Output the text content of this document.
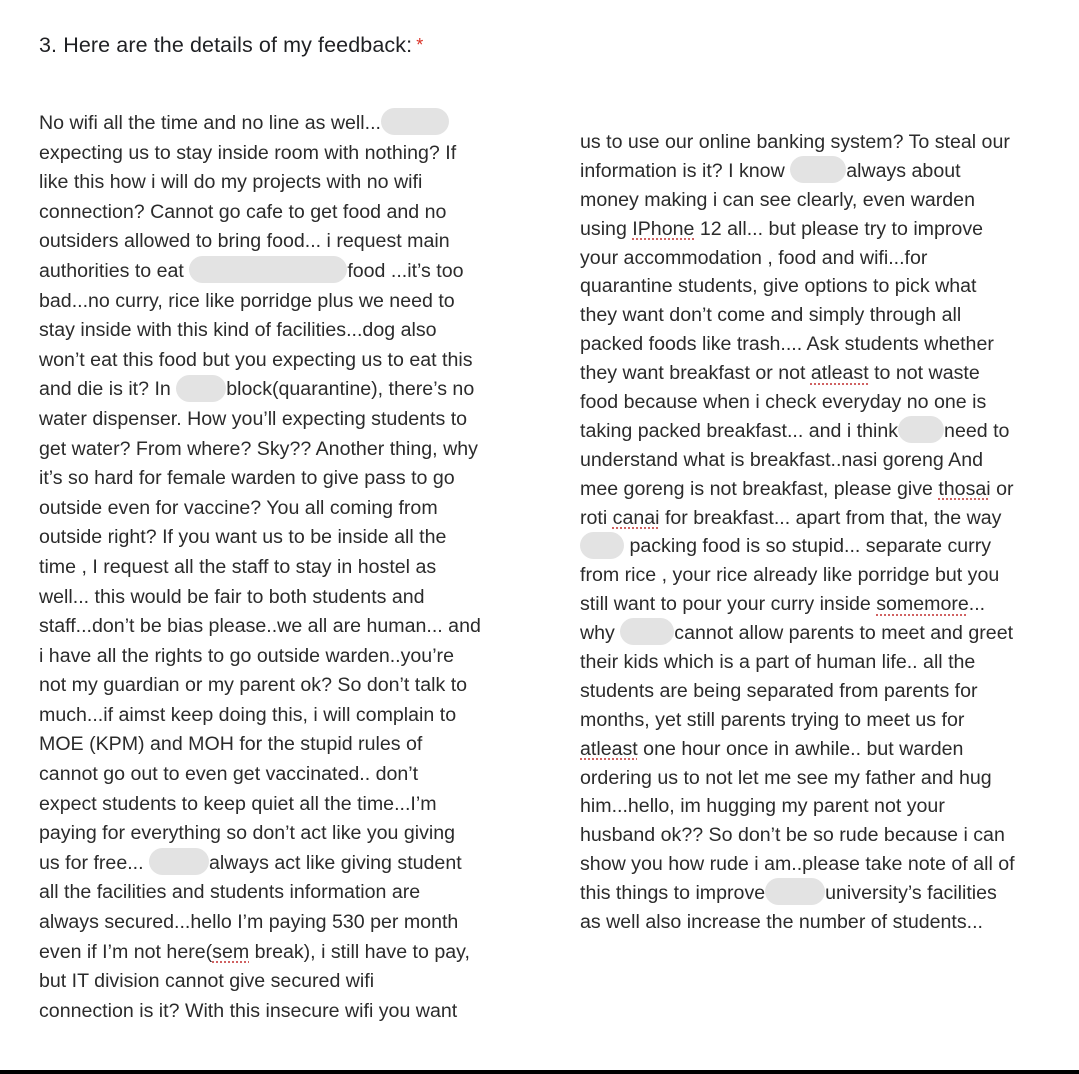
3. Here are the details of my feedback: *
No wifi all the time and no line as well...
expecting us to stay inside room with nothing? If
like this how i will do my projects with no wifi
connection? Cannot go cafe to get food and no
outsiders allowed to bring food... i request main
authorities to eat	food ...it’s too
bad...no curry, rice like porridge plus we need to
stay inside with this kind of facilities...dog also
won’t eat this food but you expecting us to eat this
and die is it? In	block(quarantine), there’s no
water dispenser. How you’ll expecting students to
get water? From where? Sky?? Another thing, why
it’s so hard for female warden to give pass to go
outside even for vaccine? You all coming from
outside right? If you want us to be inside all the
time , I request all the staff to stay in hostel as
well... this would be fair to both students and
staff...don’t be bias please..we all are human... and
i have all the rights to go outside warden..you’re
not my guardian or my parent ok? So don’t talk to
much...if aimst keep doing this, i will complain to
MOE (KPM) and MOH for the stupid rules of
cannot go out to even get vaccinated.. don’t
expect students to keep quiet all the time...I’m
paying for everything so don’t act like you giving
us for free...	always act like giving student
all the facilities and students information are
always secured...hello I’m paying 530 per month
even if I’m not here(sem break), i still have to pay,
but IT division cannot give secured wifi
connection is it? With this insecure wifi you want
us to use our online banking system? To steal our
information is it? I know	always about
money making i can see clearly, even warden
using IPhone 12 all... but please try to improve
your accommodation , food and wifi...for
quarantine students, give options to pick what
they want don’t come and simply through all
packed foods like trash.... Ask students whether
they want breakfast or not atleast to not waste
food because when i check everyday no one is
taking packed breakfast... and i think need to
understand what is breakfast..nasi goreng And
mee goreng is not breakfast, please give thosai or
roti canai for breakfast... apart from that, the way
packing food is so stupid... separate curry
from rice , your rice already like porridge but you
still want to pour your curry inside somemore...
why	cannot allow parents to meet and greet
their kids which is a part of human life.. all the
students are being separated from parents for
months, yet still parents trying to meet us for
atleast one hour once in awhile.. but warden
ordering us to not let me see my father and hug
him...hello, im hugging my parent not your
husband ok?? So don’t be so rude because i can
show you how rude i am..please take note of all of
this things to improve	university’s facilities
as well also increase the number of students...
